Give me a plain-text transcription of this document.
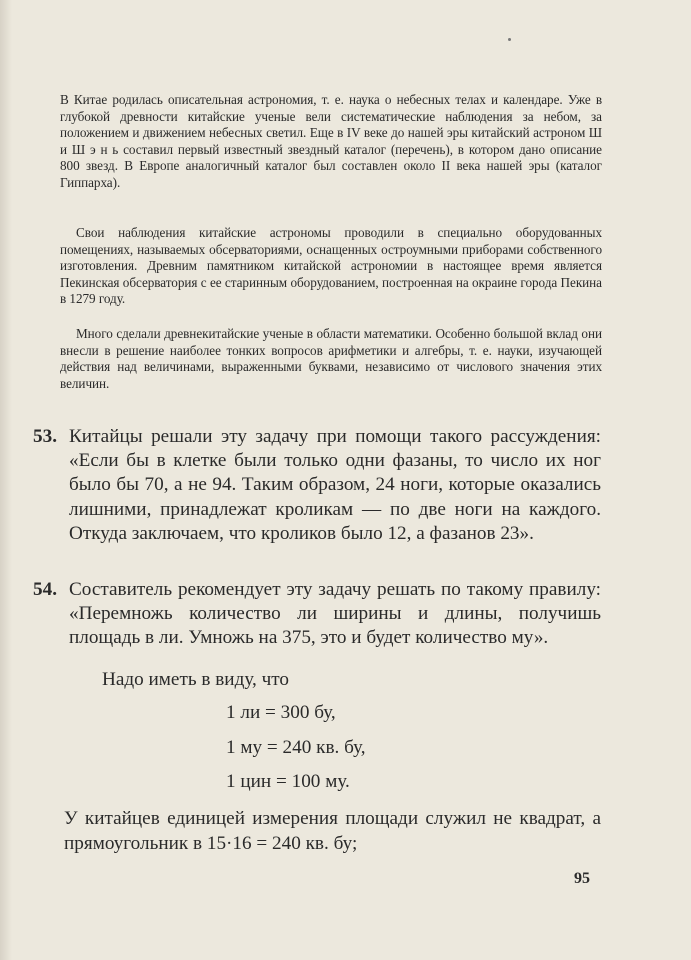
В Китае родилась описательная астрономия, т. е. наука о небесных телах и календаре. Уже в глубокой древности китайские ученые вели систематические наблюдения за небом, за положением и движением небесных светил. Еще в IV веке до нашей эры китайский астроном Ш и Ш э н ь составил первый известный звездный каталог (перечень), в котором дано описание 800 звезд. В Европе аналогичный каталог был составлен около II века нашей эры (каталог Гиппарха).

Свои наблюдения китайские астрономы проводили в специально оборудованных помещениях, называемых обсерваториями, оснащенных остроумными приборами собственного изготовления. Древним памятником китайской астрономии в настоящее время является Пекинская обсерватория с ее старинным оборудованием, построенная на окраине города Пекина в 1279 году.

Много сделали древнекитайские ученые в области математики. Особенно большой вклад они внесли в решение наиболее тонких вопросов арифметики и алгебры, т. е. науки, изучающей действия над величинами, выраженными буквами, независимо от числового значения этих величин.

53. Китайцы решали эту задачу при помощи такого рассуждения: «Если бы в клетке были только одни фазаны, то число их ног было бы 70, а не 94. Таким образом, 24 ноги, которые оказались лишними, принадлежат кроликам — по две ноги на каждого. Откуда заключаем, что кроликов было 12, а фазанов 23».
54. Составитель рекомендует эту задачу решать по такому правилу: «Перемножь количество ли ширины и длины, получишь площадь в ли. Умножь на 375, это и будет количество му».

Надо иметь в виду, что

1 ли = 300 бу,

1 му = 240 кв. бу,

1 цин = 100 му.

У китайцев единицей измерения площади служил не квадрат, а прямоугольник в 15·16 = 240 кв. бу;

95
